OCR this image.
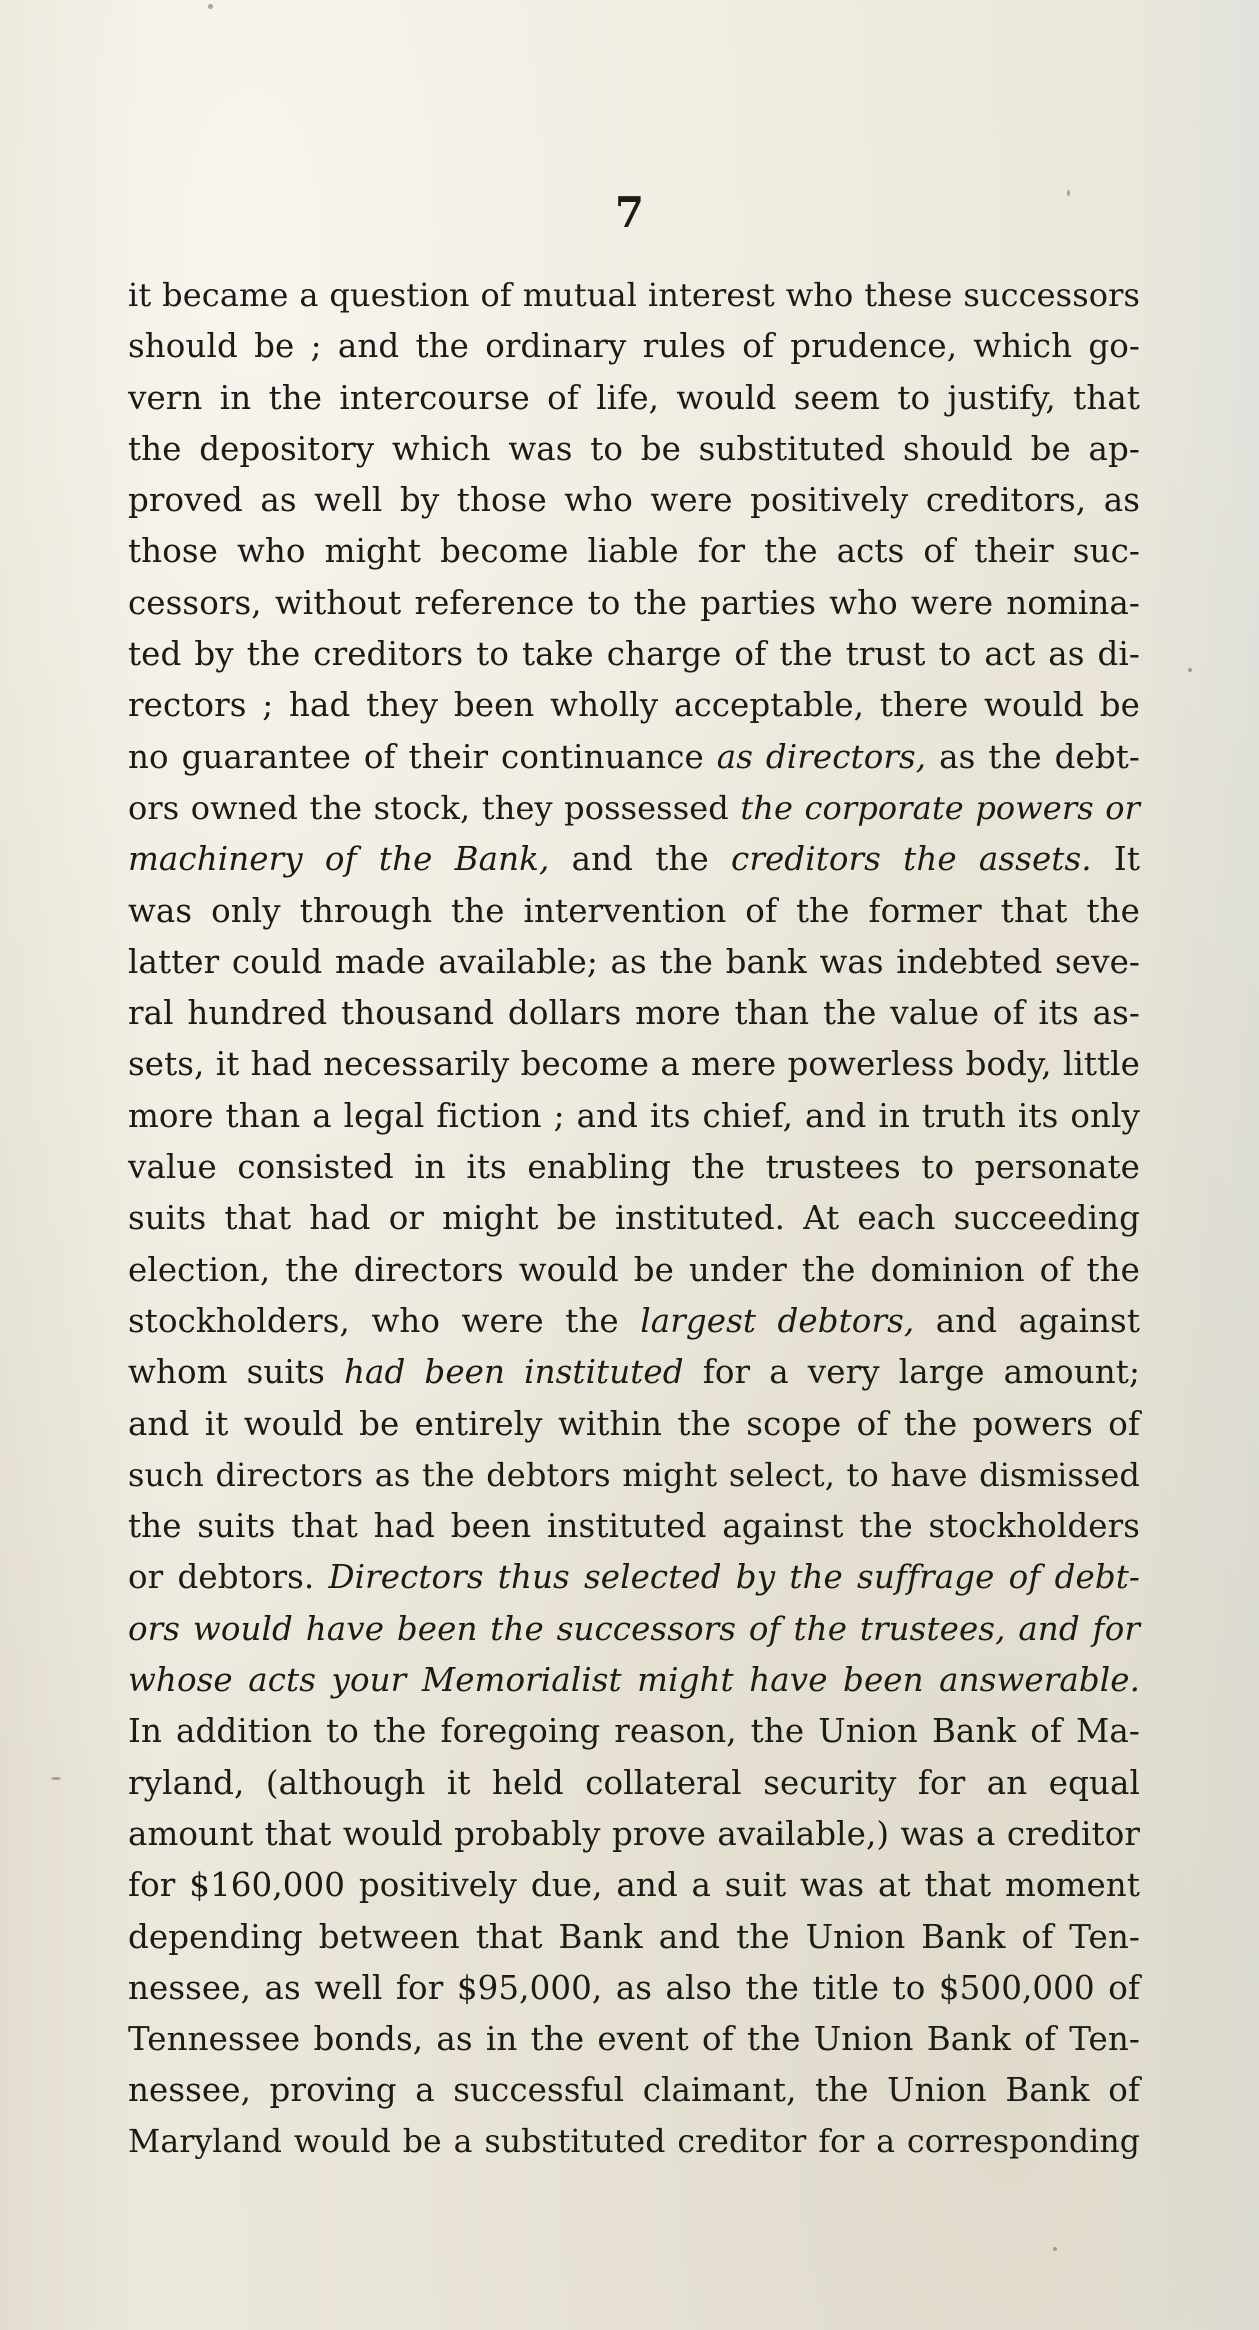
7
it became a question of mutual interest who these successors
should be ; and the ordinary rules of prudence, which go-
vern in the intercourse of life, would seem to justify, that
the depository which was to be substituted should be ap-
proved as well by those who were positively creditors, as
those who might become liable for the acts of their suc-
cessors, without reference to the parties who were nomina-
ted by the creditors to take charge of the trust to act as di-
rectors ; had they been wholly acceptable, there would be
no guarantee of their continuance as directors, as the debt-
ors owned the stock, they possessed the corporate powers or
machinery of the Bank, and the creditors the assets. It
was only through the intervention of the former that the
latter could made available; as the bank was indebted seve-
ral hundred thousand dollars more than the value of its as-
sets, it had necessarily become a mere powerless body, little
more than a legal fiction ; and its chief, and in truth its only
value consisted in its enabling the trustees to personate
suits that had or might be instituted. At each succeeding
election, the directors would be under the dominion of the
stockholders, who were the largest debtors, and against
whom suits had been instituted for a very large amount;
and it would be entirely within the scope of the powers of
such directors as the debtors might select, to have dismissed
the suits that had been instituted against the stockholders
or debtors. Directors thus selected by the suffrage of debt-
ors would have been the successors of the trustees, and for
whose acts your Memorialist might have been answerable.
In addition to the foregoing reason, the Union Bank of Ma-
ryland, (although it held collateral security for an equal
amount that would probably prove available,) was a creditor
for $160,000 positively due, and a suit was at that moment
depending between that Bank and the Union Bank of Ten-
nessee, as well for $95,000, as also the title to $500,000 of
Tennessee bonds, as in the event of the Union Bank of Ten-
nessee, proving a successful claimant, the Union Bank of
Maryland would be a substituted creditor for a corresponding
